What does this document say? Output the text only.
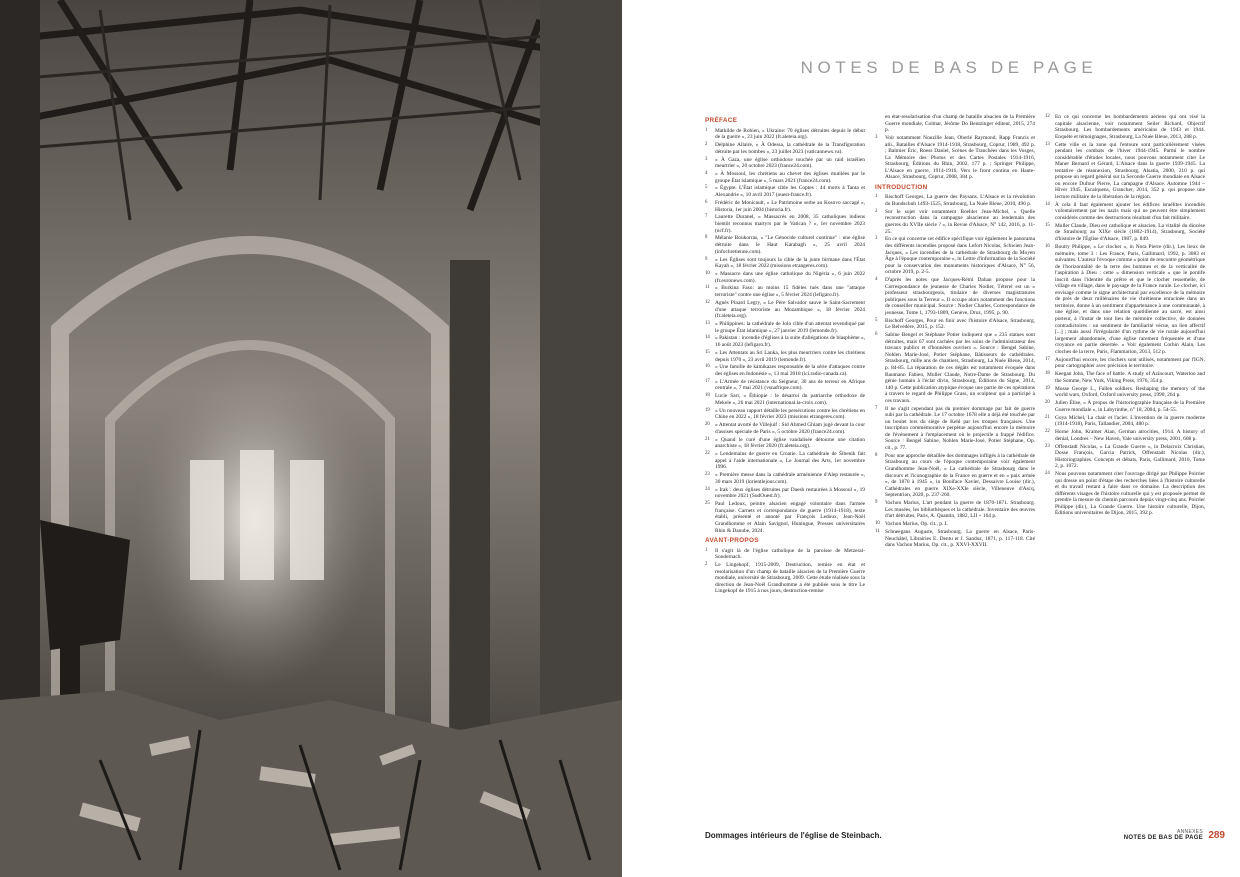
NOTES DE BAS DE PAGE
PRÉFACE
1	Mathilde de Robien, « Ukraine: 70 églises détruites depuis le début de la guerre », 23 juin 2022 (fr.aleteia.org).
2	Delphine Allaire, « À Odessa, la cathédrale de la Transfiguration détruite par les bombes », 23 juillet 2023 (vaticannews.va).
3	« À Gaza, une église orthodoxe touchée par un raid israélien meurtrier », 20 octobre 2023 (france24.com).
4	« À Mossoul, les chrétiens au chevet des églises mutilées par le groupe État islamique », 5 mars 2021 (france24.com).
5	« Égypte. L'État islamique cible les Coptes : 44 morts à Tanta et Alexandrie », 10 avril 2017 (ouest-france.fr).
6	Frédéric de Monicault, « Le Patrimoine serbe au Kosovo saccagé », Historia, 1er juin 2004 (historia.fr).
7	Laurette Duranel, « Massacrés en 2008, 35 catholiques indiens bientôt reconnus martyrs par le Vatican ? », 1er novembre 2023 (ncf.fr).
8	Mélanie Boukorras, « "Le Génocide culturel continue" : une église détruite dans le Haut Karabagh », 25 avril 2024 (infochretienne.com).
9	« Les Églises sont toujours la cible de la junte birmane dans l'État Kayah », 18 février 2022 (missions etrangeres.com).
10 « Massacre dans une église catholique du Nigéria », 6 juin 2022 (fr.euronews.com).
11 « Burkina Faso: au moins 15 fidèles tués dans une "attaque terroriste" contre une église », 5 février 2024 (lefigaro.fr).
12 Agnès Pinard Legry, « Le Père Salvador sauve le Saint-Sacrement d'une attaque terroriste au Mozambique », 18 février 2024 (fr.aleteia.org).
13 « Philippines: la cathédrale de Jolo cible d'un attentat revendiqué par le groupe État islamique », 27 janvier 2019 (lemonde.fr).
14 « Pakistan : incendie d'églises à la suite d'allégations de blasphème », 16 août 2023 (lefigaro.fr).
15 « Les Attentats au Sri Lanka, les plus meurtriers contre les chrétiens depuis 1970 », 23 avril 2019 (lemonde.fr).
16 « Une famille de kamikazes responsable de la série d'attaques contre des églises en Indonésie », 13 mai 2018 (ici.radio-canada.ca).
17 « L'Armée de résistance du Seigneur, 30 ans de terreur en Afrique centrale », 7 mai 2021 (vsnafrique.com).
18 Lucie Sarr, « Éthiopie : le désarroi du patriarche orthodoxe de Mekele », 26 mai 2021 (international.la-croix.com).
19 « Un nouveau rapport détaille les persécutions contre les chrétiens en Chine en 2022 », 18 février 2023 (missions etrangeres.com).
20 « Attentat avorté de Villejuif : Sid Ahmed Ghlam jugé devant la cour d'assises spéciale de Paris », 5 octobre 2020 (france24.com).
21 « Quand le curé d'une église vandalisée détourne une citation anarchiste », 18 février 2020 (fr.aleteia.org).
22 « Lendemains de guerre en Croatie. La cathédrale de Šibenik fait appel à l'aide internationale », Le Journal des Arts, 1er novembre 1996.
23 « Première messe dans la cathédrale arménienne d'Alep restaurée », 30 mars 2019 (lorientlejour.com).
24 « Irak : deux églises détruites par Daesh restaurées à Mossoul », 19 novembre 2021 (SudOuest.fr).
25 Paul Ledoux, peintre alsacien engagé volontaire dans l'armée française. Carnets et correspondance de guerre (1914-1918), texte établi, présenté et annoté par François Ledoux, Jean-Noël Grandhomme et Alain Savignol, Huningue, Presses universitaires Rhin & Danube, 2024.
AVANT-PROPOS
1	Il s'agit là de l'église catholique de la paroisse de Metzeral-Sondernach.
2	Le Lingekopf, 1915-2009, Destruction, remise en état et resolarisation d'un champ de bataille alsacien de la Première Guerre mondiale, université de Strasbourg, 2009. Cette étude réalisée sous la direction de Jean-Noël Grandhomme a été publiée sous le titre Le Lingekopf de 1915 à nos jours, destruction-remise
en état-resolarisation d'un champ de bataille alsacien de la Première Guerre mondiale, Colmar, Jérôme Do Bentzinger éditeur, 2015, 274 p.
3	Voir notamment Nouzille Jean, Oberlé Raymond, Rapp Francis et alii., Batailles d'Alsace 1914-1918, Strasbourg, Coprur, 1989, 492 p. ; Balmier Éric, Roess Daniel, Scènes de Tranchées dans les Vosges, La Mémoire des Photos et des Cartes Postales 1914-1916, Strasbourg, Éditions du Rhin, 2002, 177 p. ; Springer Philippe, L'Alsace en guerre, 1914-1916. Vers le front continu en Haute-Alsace, Strasbourg, Coprur, 2008, 384 p.
INTRODUCTION
1	Bischoff Georges, La guerre des Paysans. L'Alsace et la révolution du Bundschuh 1493-1525, Strasbourg, La Nuée Bleue, 2010, 496 p.
2	Sur le sujet voir notamment Boehler Jean-Michel, « Quelle reconstruction dans la campagne alsacienne au lendemain des guerres du XVIIe siècle ? », in Revue d'Alsace, N° 142, 2016, p. 11-25.
3	En ce qui concerne cet édifice spécifique voir également le panorama des différents incendies proposé dans Lefort Nicolas, Schwien Jean-Jacques, « Les incendies de la cathédrale de Strasbourg du Moyen Âge à l'époque contemporaine », in Lettre d'information de la Société pour la conservation des monuments historiques d'Alsace, N° 56, octobre 2019, p. 2-5.
4	D'après les notes que Jacques-Rémi Dahan propose pour la Correspondance de jeunesse de Charles Nodier, Téterel est un « professeur strasbourgeois, titulaire de diverses magistratures publiques sous la Terreur ». Il occupe alors notamment des fonctions de conseiller municipal. Source : Nodier Charles, Correspondance de jeunesse, Tome 1, 1793-1809, Genève, Droz, 1995, p. 90.
5	Bischoff Georges, Pour en finir avec l'histoire d'Alsace, Strasbourg, Le Belvédère, 2015, p. 152.
6	Sabine Bengel et Stéphane Potier indiquent que « 235 statues sont détruites, mais 67 sont cachées par les soins de l'administrateur des travaux publics et d'honnêtes ouvriers ». Source : Bengel Sabine, Nohlen Marie-José, Potier Stéphane, Bâtisseurs de cathédrales. Strasbourg, mille ans de chantiers, Strasbourg, La Nuée Bleue, 2014, p. 84-85. La réparation de ces dégâts est notamment évoquée dans Baumann Fabien, Muller Claude, Notre-Dame de Strasbourg. Du génie humain à l'éclat divin, Strasbourg, Éditions du Signe, 2014, 140 p. Cette publication atypique évoque une partie de ces opérations à travers le regard de Philippe Grass, un sculpteur qui a participé à ces travaux.
7	Il ne s'agit cependant pas du premier dommage par fait de guerre subi par la cathédrale. Le 17 octobre 1678 elle a déjà été touchée par un boulet lors du siège de Kehl par les troupes françaises. Une inscription commémorative perpétue aujourd'hui encore la mémoire de l'événement à l'emplacement où le projectile a frappé l'édifice. Source : Bengel Sabine, Nohlen Marie-José, Potier Stéphane, Op. cit., p. 77.
8	Pour une approche détaillée des dommages infligés à la cathédrale de Strasbourg au cours de l'époque contemporaine voir également Grandhomme Jean-Noël, « La cathédrale de Strasbourg dans le discours et l'iconographie de la France en guerre et en « paix armée », de 1870 à 1945 », in Boniface Xavier, Dessaivre Louise (dir.), Cathédrales en guerre XIXe-XXIe siècle, Villeneuve d'Ascq, Septentrion, 2020, p. 237-260.
9	Vachon Marius, L'art pendant la guerre de 1870-1871. Strasbourg. Les musées, les bibliothèques et la cathédrale. Inventaire des œuvres d'art détruites, Paris, A. Quantin, 1882, LII + 164 p.
10 Vachon Marius, Op. cit., p. I.
11 Schneegans Auguste, Strasbourg. La guerre en Alsace, Paris-Neuchâtel, Librairies E. Dentu et J. Sandoz, 1871, p. 117-118. Cité dans Vachon Marius, Op. cit., p. XXVI-XXVII.
12 En ce qui concerne les bombardements aériens qui ont visé la capitale alsacienne, voir notamment Seiler Richard, Objectif Strasbourg. Les bombardements américains de 1943 et 1944. Enquête et témoignages, Strasbourg, La Nuée Bleue, 2013, 288 p.
13 Cette ville et la zone qui l'entoure sont particulièrement visées pendant les combats de l'hiver 1944-1945. Parmi le nombre considérable d'études locales, nous pouvons notamment citer Le Maner Bernard et Gérard, L'Alsace dans la guerre 1939-1945. La tentative de réannexion, Strasbourg, Alsatia, 2000, 210 p. qui propose un regard général sur la Seconde Guerre mondiale en Alsace ou encore Dufour Pierre, La campagne d'Alsace. Automne 1944 – Hiver 1945, Escalquens, Grancher, 2014, 352 p. qui propose une lecture militaire de la libération de la région.
14 À cela il faut également ajouter les édifices israélites incendiés volontairement par les nazis mais qui ne peuvent être simplement considérés comme des destructions résultant d'un fait militaire.
15 Muller Claude, Dieu est catholique et alsacien. La vitalité du diocèse de Strasbourg au XIXe siècle (1802-1914), Strasbourg, Société d'histoire de l'Église d'Alsace, 1987, p. 849.
16 Boutry Philippe, « Le clocher », in Nora Pierre (dir.), Les lieux de mémoire, tome 3 : Les France, Paris, Gallimard, 1992, p. 3083 et suivantes. L'auteur l'évoque comme « point de rencontre géométrique de l'horizontalité de la terre des hommes et de la verticalité de l'aspiration à Dieu : cette « dimension verticale » que le pontife inscrit dans l'identité du prêtre et que le clocher ressemelle, de village en village, dans le paysage de la France rurale. Le clocher, ici envisagé comme le signe architectural par excellence de la mémoire de près de deux millénaires de vie chrétienne enracinée dans un territoire, donne à un sentiment d'appartenance à une communauté, à une église, et dans une relation quotidienne au sacré, est ainsi porteur, à l'instar de tout lieu de mémoire collective, de données contradictoires : un sentiment de familiarité vécue, un lien affectif [...] ; mais aussi l'irrégularité d'un rythme de vie rurale aujourd'hui largement abandonnée, d'une église rarement fréquentée et d'une croyance en partie désertée. » Voir également Corbin Alain, Les cloches de la terre, Paris, Flammarion, 2013, 512 p.
17 Aujourd'hui encore, les clochers sont utilisés, notamment par l'IGN, pour cartographier avec précision le territoire.
18 Keegan John, The face of battle. A study of Azincourt, Waterloo and the Somme, New York, Viking Press, 1976, 354 p.
19 Mosse George L., Fallen soldiers. Reshaping the memory of the world wars, Oxford, Oxford university press, 1990, 264 p.
20 Julien Élise, « À propos de l'historiographie française de la Première Guerre mondiale », in Labyrinthe, n° 18, 2004, p. 54-55.
21 Goya Michel, La chair et l'acier. L'invention de la guerre moderne (1914-1918), Paris, Tallandier, 2004, 480 p.
22 Horne John, Kramer Alan, German atrocities, 1914. A history of denial, Londres – New Haven, Yale university press, 2001, 608 p.
23 Offenstadt Nicolas, « La Grande Guerre », in Delacroix Christian, Dosse François, Garcia Patrick, Offenstadt Nicolas (dir.), Historiographies. Concepts et débats, Paris, Gallimard, 2010, Tome 2, p. 1072.
24 Nous pouvons notamment citer l'ouvrage dirigé par Philippe Poirrier qui dresse un point d'étape des recherches liées à l'histoire culturelle et du travail restant à faire dans ce domaine. La description des différents visages de l'histoire culturelle qui y est proposée permet de prendre la mesure du chemin parcouru depuis vingt-cinq ans. Poirrier Philippe (dir.), La Grande Guerre. Une histoire culturelle, Dijon, Éditions universitaires de Dijon, 2015, 392 p.
Dommages intérieurs de l'église de Steinbach.	ANNEXES
NOTES DE BAS DE PAGE 289
